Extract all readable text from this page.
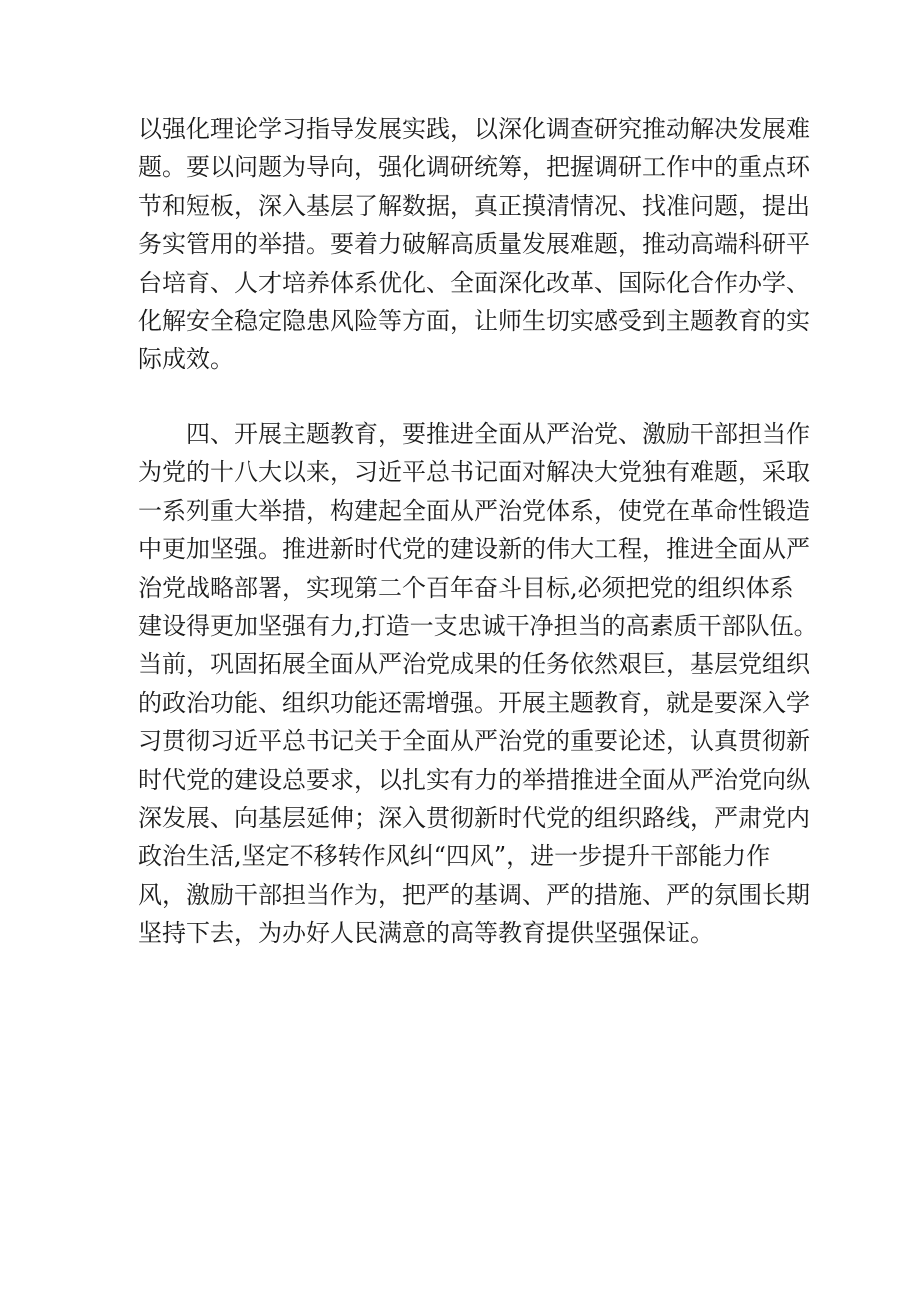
以强化理论学习指导发展实践，以深化调查研究推动解决发展难
题。要以问题为导向，强化调研统筹，把握调研工作中的重点环
节和短板，深入基层了解数据，真正摸清情况、找准问题，提出
务实管用的举措。要着力破解高质量发展难题，推动高端科研平
台培育、人才培养体系优化、全面深化改革、国际化合作办学、
化解安全稳定隐患风险等方面，让师生切实感受到主题教育的实
际成效。
　　四、开展主题教育，要推进全面从严治党、激励干部担当作
为党的十八大以来，习近平总书记面对解决大党独有难题，采取
一系列重大举措，构建起全面从严治党体系，使党在革命性锻造
中更加坚强。推进新时代党的建设新的伟大工程，推进全面从严
治党战略部署，实现第二个百年奋斗目标,必须把党的组织体系
建设得更加坚强有力,打造一支忠诚干净担当的高素质干部队伍。
当前，巩固拓展全面从严治党成果的任务依然艰巨，基层党组织
的政治功能、组织功能还需增强。开展主题教育，就是要深入学
习贯彻习近平总书记关于全面从严治党的重要论述，认真贯彻新
时代党的建设总要求，以扎实有力的举措推进全面从严治党向纵
深发展、向基层延伸；深入贯彻新时代党的组织路线，严肃党内
政治生活,坚定不移转作风纠“四风”，进一步提升干部能力作
风，激励干部担当作为，把严的基调、严的措施、严的氛围长期
坚持下去，为办好人民满意的高等教育提供坚强保证。
